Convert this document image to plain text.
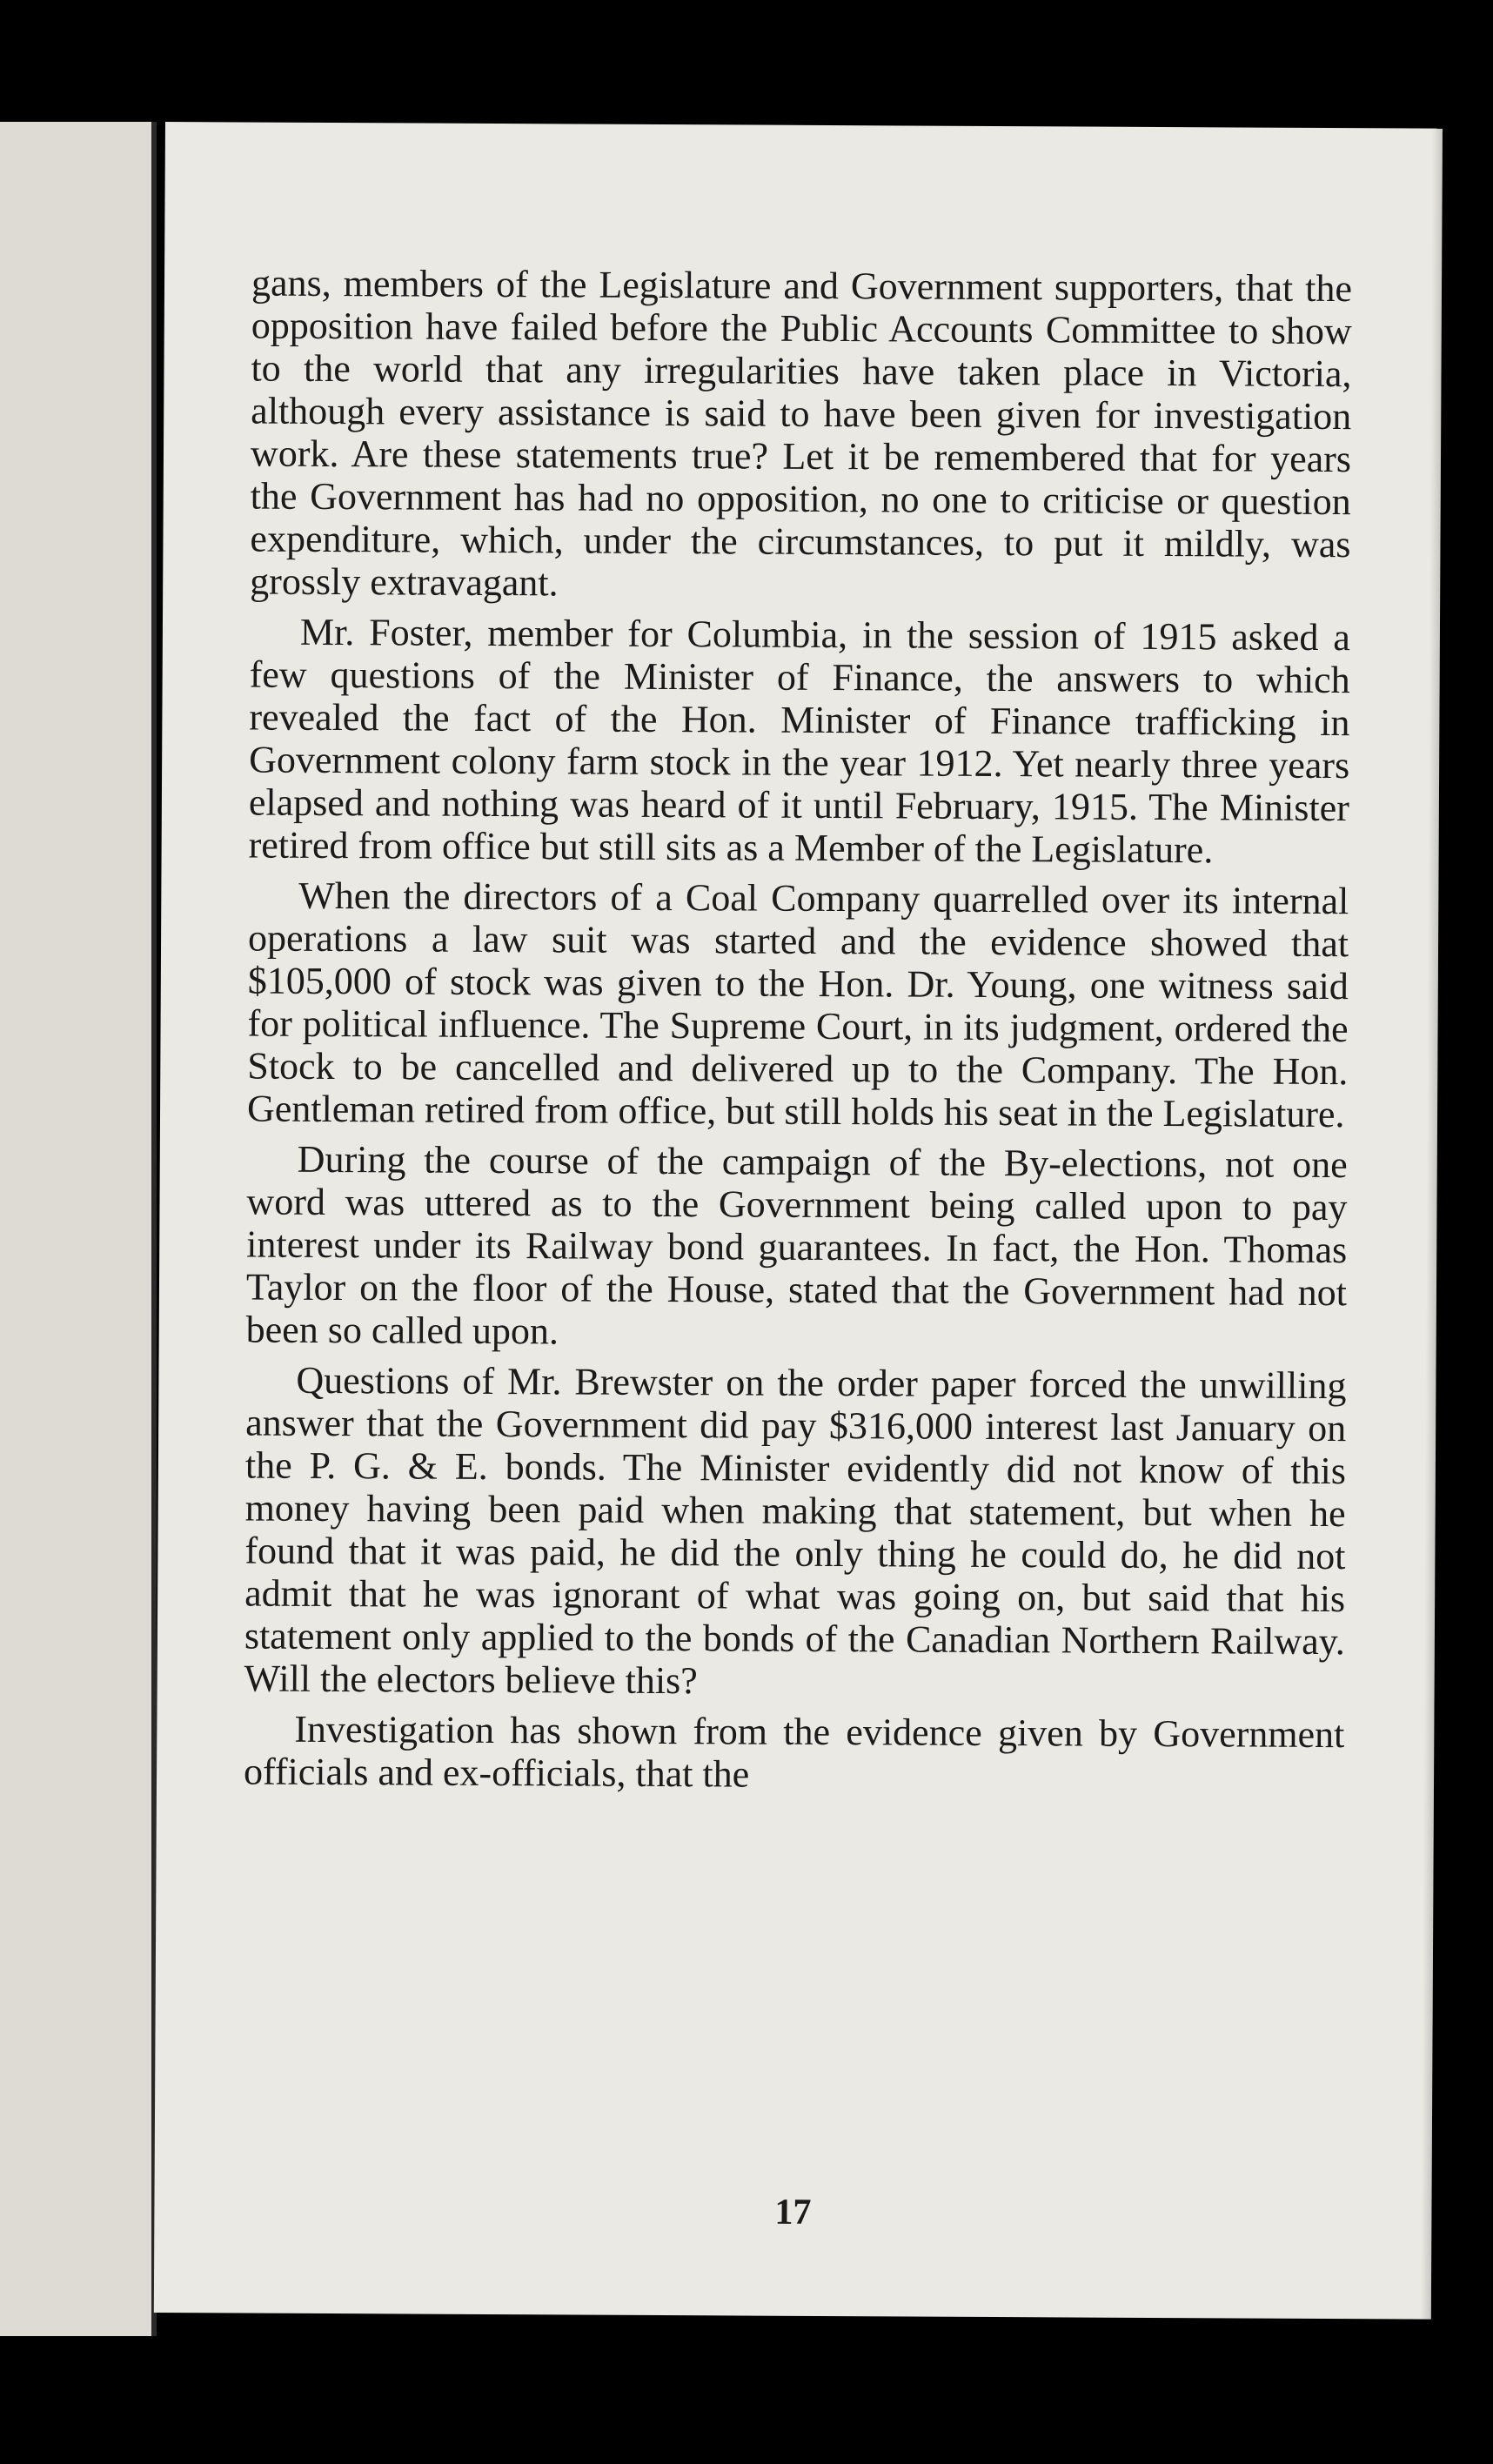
gans, members of the Legislature and Government supporters, that the opposition have failed before the Public Accounts Committee to show to the world that any irregularities have taken place in Victoria, although every assistance is said to have been given for investigation work. Are these statements true? Let it be remembered that for years the Government has had no opposition, no one to criticise or question expenditure, which, under the circumstances, to put it mildly, was grossly extravagant.

Mr. Foster, member for Columbia, in the session of 1915 asked a few questions of the Minister of Finance, the answers to which revealed the fact of the Hon. Minister of Finance trafficking in Government colony farm stock in the year 1912. Yet nearly three years elapsed and nothing was heard of it until February, 1915. The Minister retired from office but still sits as a Member of the Legislature.

When the directors of a Coal Company quarrelled over its internal operations a law suit was started and the evidence showed that $105,000 of stock was given to the Hon. Dr. Young, one witness said for political influence. The Supreme Court, in its judgment, ordered the Stock to be cancelled and delivered up to the Company. The Hon. Gentleman retired from office, but still holds his seat in the Legislature.

During the course of the campaign of the By-elections, not one word was uttered as to the Government being called upon to pay interest under its Railway bond guarantees. In fact, the Hon. Thomas Taylor on the floor of the House, stated that the Government had not been so called upon.

Questions of Mr. Brewster on the order paper forced the unwilling answer that the Government did pay $316,000 interest last January on the P. G. & E. bonds. The Minister evidently did not know of this money having been paid when making that statement, but when he found that it was paid, he did the only thing he could do, he did not admit that he was ignorant of what was going on, but said that his statement only applied to the bonds of the Canadian Northern Railway. Will the electors believe this?

Investigation has shown from the evidence given by Government officials and ex-officials, that the

17
